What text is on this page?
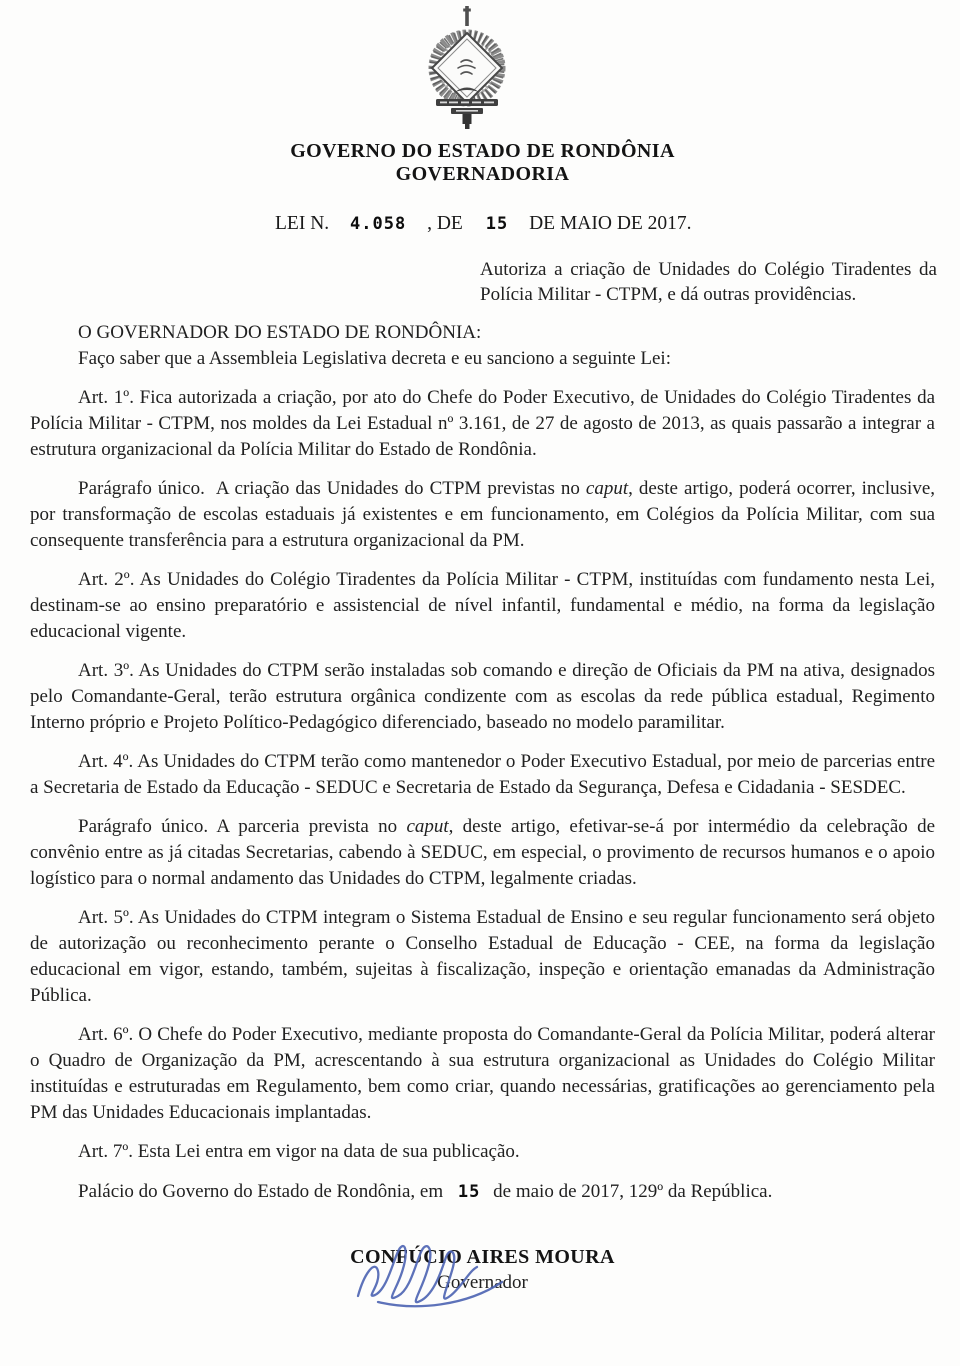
GOVERNO DO ESTADO DE RONDÔNIA
GOVERNADORIA
LEI N. 4.058 , DE 15 DE MAIO DE 2017.
Autoriza a criação de Unidades do Colégio Tiradentes da Polícia Militar - CTPM, e dá outras providências.

O GOVERNADOR DO ESTADO DE RONDÔNIA:

Faço saber que a Assembleia Legislativa decreta e eu sanciono a seguinte Lei:

Art. 1º. Fica autorizada a criação, por ato do Chefe do Poder Executivo, de Unidades do Colégio Tiradentes da Polícia Militar - CTPM, nos moldes da Lei Estadual nº 3.161, de 27 de agosto de 2013, as quais passarão a integrar a estrutura organizacional da Polícia Militar do Estado de Rondônia.

Parágrafo único.  A criação das Unidades do CTPM previstas no caput, deste artigo, poderá ocorrer, inclusive, por transformação de escolas estaduais já existentes e em funcionamento, em Colégios da Polícia Militar, com sua consequente transferência para a estrutura organizacional da PM.

Art. 2º. As Unidades do Colégio Tiradentes da Polícia Militar - CTPM, instituídas com fundamento nesta Lei, destinam-se ao ensino preparatório e assistencial de nível infantil, fundamental e médio, na forma da legislação educacional vigente.

Art. 3º. As Unidades do CTPM serão instaladas sob comando e direção de Oficiais da PM na ativa, designados pelo Comandante-Geral, terão estrutura orgânica condizente com as escolas da rede pública estadual, Regimento Interno próprio e Projeto Político-Pedagógico diferenciado, baseado no modelo paramilitar.

Art. 4º. As Unidades do CTPM terão como mantenedor o Poder Executivo Estadual, por meio de parcerias entre a Secretaria de Estado da Educação - SEDUC e Secretaria de Estado da Segurança, Defesa e Cidadania - SESDEC.

Parágrafo único. A parceria prevista no caput, deste artigo, efetivar-se-á por intermédio da celebração de convênio entre as já citadas Secretarias, cabendo à SEDUC, em especial, o provimento de recursos humanos e o apoio logístico para o normal andamento das Unidades do CTPM, legalmente criadas.

Art. 5º. As Unidades do CTPM integram o Sistema Estadual de Ensino e seu regular funcionamento será objeto de autorização ou reconhecimento perante o Conselho Estadual de Educação - CEE, na forma da legislação educacional em vigor, estando, também, sujeitas à fiscalização, inspeção e orientação emanadas da Administração Pública.

Art. 6º. O Chefe do Poder Executivo, mediante proposta do Comandante-Geral da Polícia Militar, poderá alterar o Quadro de Organização da PM, acrescentando à sua estrutura organizacional as Unidades do Colégio Militar instituídas e estruturadas em Regulamento, bem como criar, quando necessárias, gratificações ao gerenciamento pela PM das Unidades Educacionais implantadas.

Art. 7º. Esta Lei entra em vigor na data de sua publicação.

Palácio do Governo do Estado de Rondônia, em 15 de maio de 2017, 129º da República.
CONFÚCIO AIRES MOURA
Governador
